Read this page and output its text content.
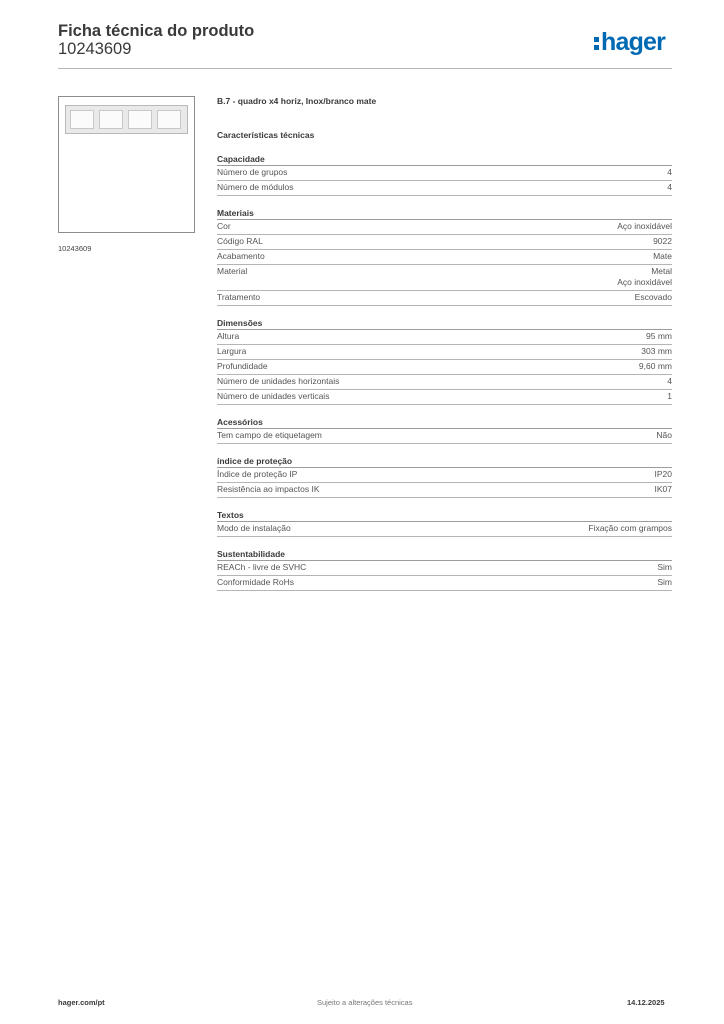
Ficha técnica do produto
10243609	hager
10243609
B.7 - quadro x4 horiz, Inox/branco mate
Características técnicas
Capacidade
Número de grupos	4
Número de módulos	4
Materiais
Cor	Aço inoxidável
Código RAL	9022
Acabamento	Mate
Material	Metal
Aço inoxidável
Tratamento	Escovado
Dimensões
Altura	95 mm
Largura	303 mm
Profundidade	9,60 mm
Número de unidades horizontais	4
Número de unidades verticais	1
Acessórios
Tem campo de etiquetagem	Não
índice de proteção
Índice de proteção IP	IP20
Resistência ao impactos IK	IK07
Textos
Modo de instalação	Fixação com grampos
Sustentabilidade
REACh - livre de SVHC	Sim
Conformidade RoHs	Sim
hager.com/pt	Sujeito a alterações técnicas	14.12.2025
